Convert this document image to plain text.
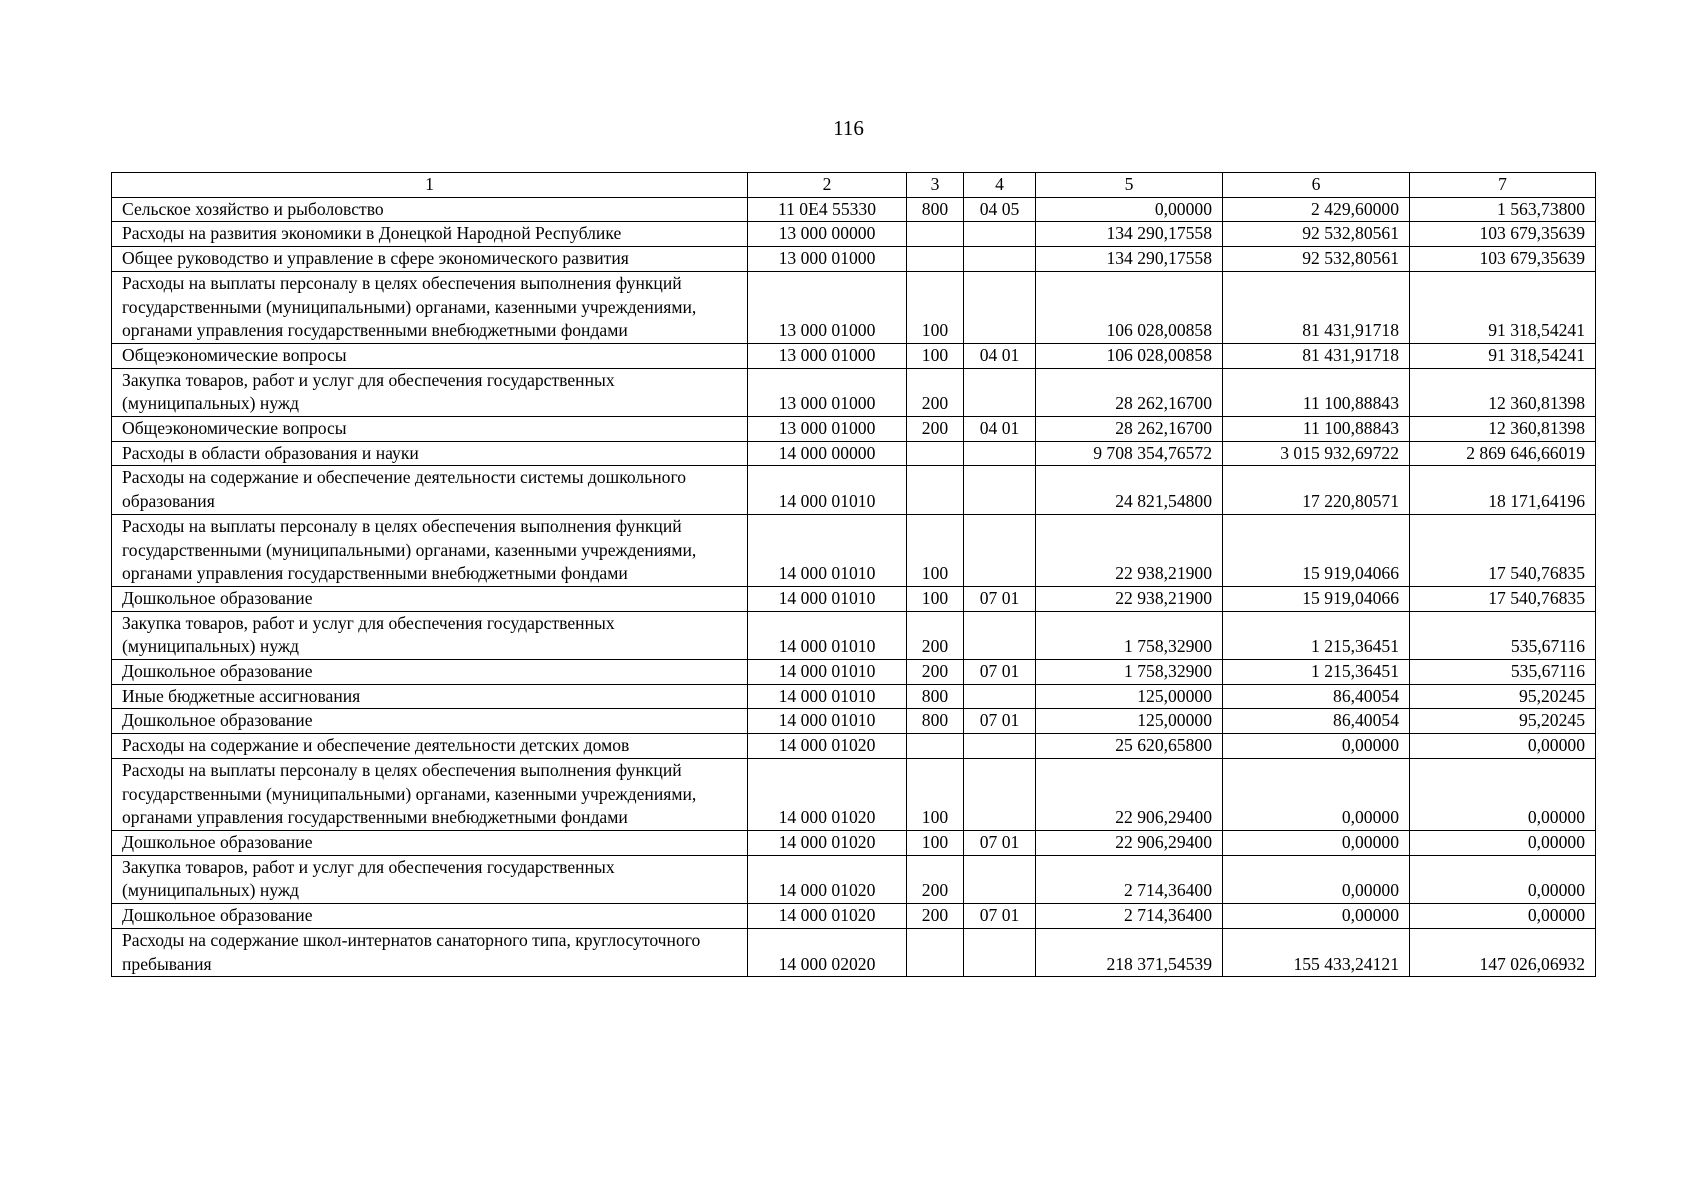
116
1	2	3	4	5	6	7
Сельское хозяйство и рыболовство	11 0Е4 55330	800	04 05	0,00000	2 429,60000	1 563,73800
Расходы на развития экономики в Донецкой Народной Республике	13 000 00000			134 290,17558	92 532,80561	103 679,35639
Общее руководство и управление в сфере экономического развития	13 000 01000			134 290,17558	92 532,80561	103 679,35639
Расходы на выплаты персоналу в целях обеспечения выполнения функций государственными (муниципальными) органами, казенными учреждениями, органами управления государственными внебюджетными фондами	13 000 01000	100		106 028,00858	81 431,91718	91 318,54241
Общеэкономические вопросы	13 000 01000	100	04 01	106 028,00858	81 431,91718	91 318,54241
Закупка товаров, работ и услуг для обеспечения государственных (муниципальных) нужд	13 000 01000	200		28 262,16700	11 100,88843	12 360,81398
Общеэкономические вопросы	13 000 01000	200	04 01	28 262,16700	11 100,88843	12 360,81398
Расходы в области образования и науки	14 000 00000			9 708 354,76572	3 015 932,69722	2 869 646,66019
Расходы на содержание и обеспечение деятельности системы дошкольного образования	14 000 01010			24 821,54800	17 220,80571	18 171,64196
Расходы на выплаты персоналу в целях обеспечения выполнения функций государственными (муниципальными) органами, казенными учреждениями, органами управления государственными внебюджетными фондами	14 000 01010	100		22 938,21900	15 919,04066	17 540,76835
Дошкольное образование	14 000 01010	100	07 01	22 938,21900	15 919,04066	17 540,76835
Закупка товаров, работ и услуг для обеспечения государственных (муниципальных) нужд	14 000 01010	200		1 758,32900	1 215,36451	535,67116
Дошкольное образование	14 000 01010	200	07 01	1 758,32900	1 215,36451	535,67116
Иные бюджетные ассигнования	14 000 01010	800		125,00000	86,40054	95,20245
Дошкольное образование	14 000 01010	800	07 01	125,00000	86,40054	95,20245
Расходы на содержание и обеспечение деятельности детских домов	14 000 01020			25 620,65800	0,00000	0,00000
Расходы на выплаты персоналу в целях обеспечения выполнения функций государственными (муниципальными) органами, казенными учреждениями, органами управления государственными внебюджетными фондами	14 000 01020	100		22 906,29400	0,00000	0,00000
Дошкольное образование	14 000 01020	100	07 01	22 906,29400	0,00000	0,00000
Закупка товаров, работ и услуг для обеспечения государственных (муниципальных) нужд	14 000 01020	200		2 714,36400	0,00000	0,00000
Дошкольное образование	14 000 01020	200	07 01	2 714,36400	0,00000	0,00000
Расходы на содержание школ-интернатов санаторного типа, круглосуточного пребывания	14 000 02020			218 371,54539	155 433,24121	147 026,06932
